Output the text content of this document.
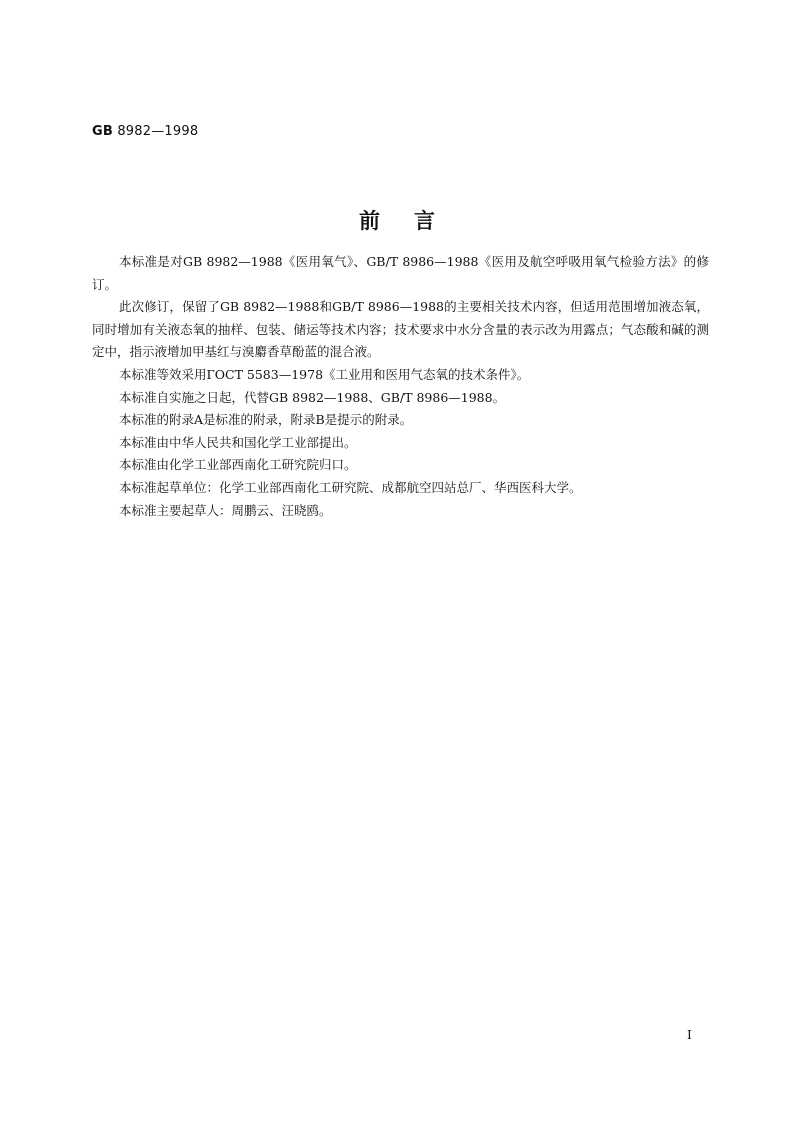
GB 8982—1998
前言

本标准是对GB 8982—1988《医用氧气》、GB/T 8986—1988《医用及航空呼吸用氧气检验方法》的修订。

此次修订，保留了GB 8982—1988和GB/T 8986—1988的主要相关技术内容，但适用范围增加液态氧，同时增加有关液态氧的抽样、包装、储运等技术内容；技术要求中水分含量的表示改为用露点；气态酸和碱的测定中，指示液增加甲基红与溴麝香草酚蓝的混合液。

本标准等效采用ГОСТ 5583—1978《工业用和医用气态氧的技术条件》。

本标准自实施之日起，代替GB 8982—1988、GB/T 8986—1988。

本标准的附录A是标准的附录，附录B是提示的附录。

本标准由中华人民共和国化学工业部提出。

本标准由化学工业部西南化工研究院归口。

本标准起草单位：化学工业部西南化工研究院、成都航空四站总厂、华西医科大学。

本标准主要起草人：周鹏云、汪晓鸥。

I
